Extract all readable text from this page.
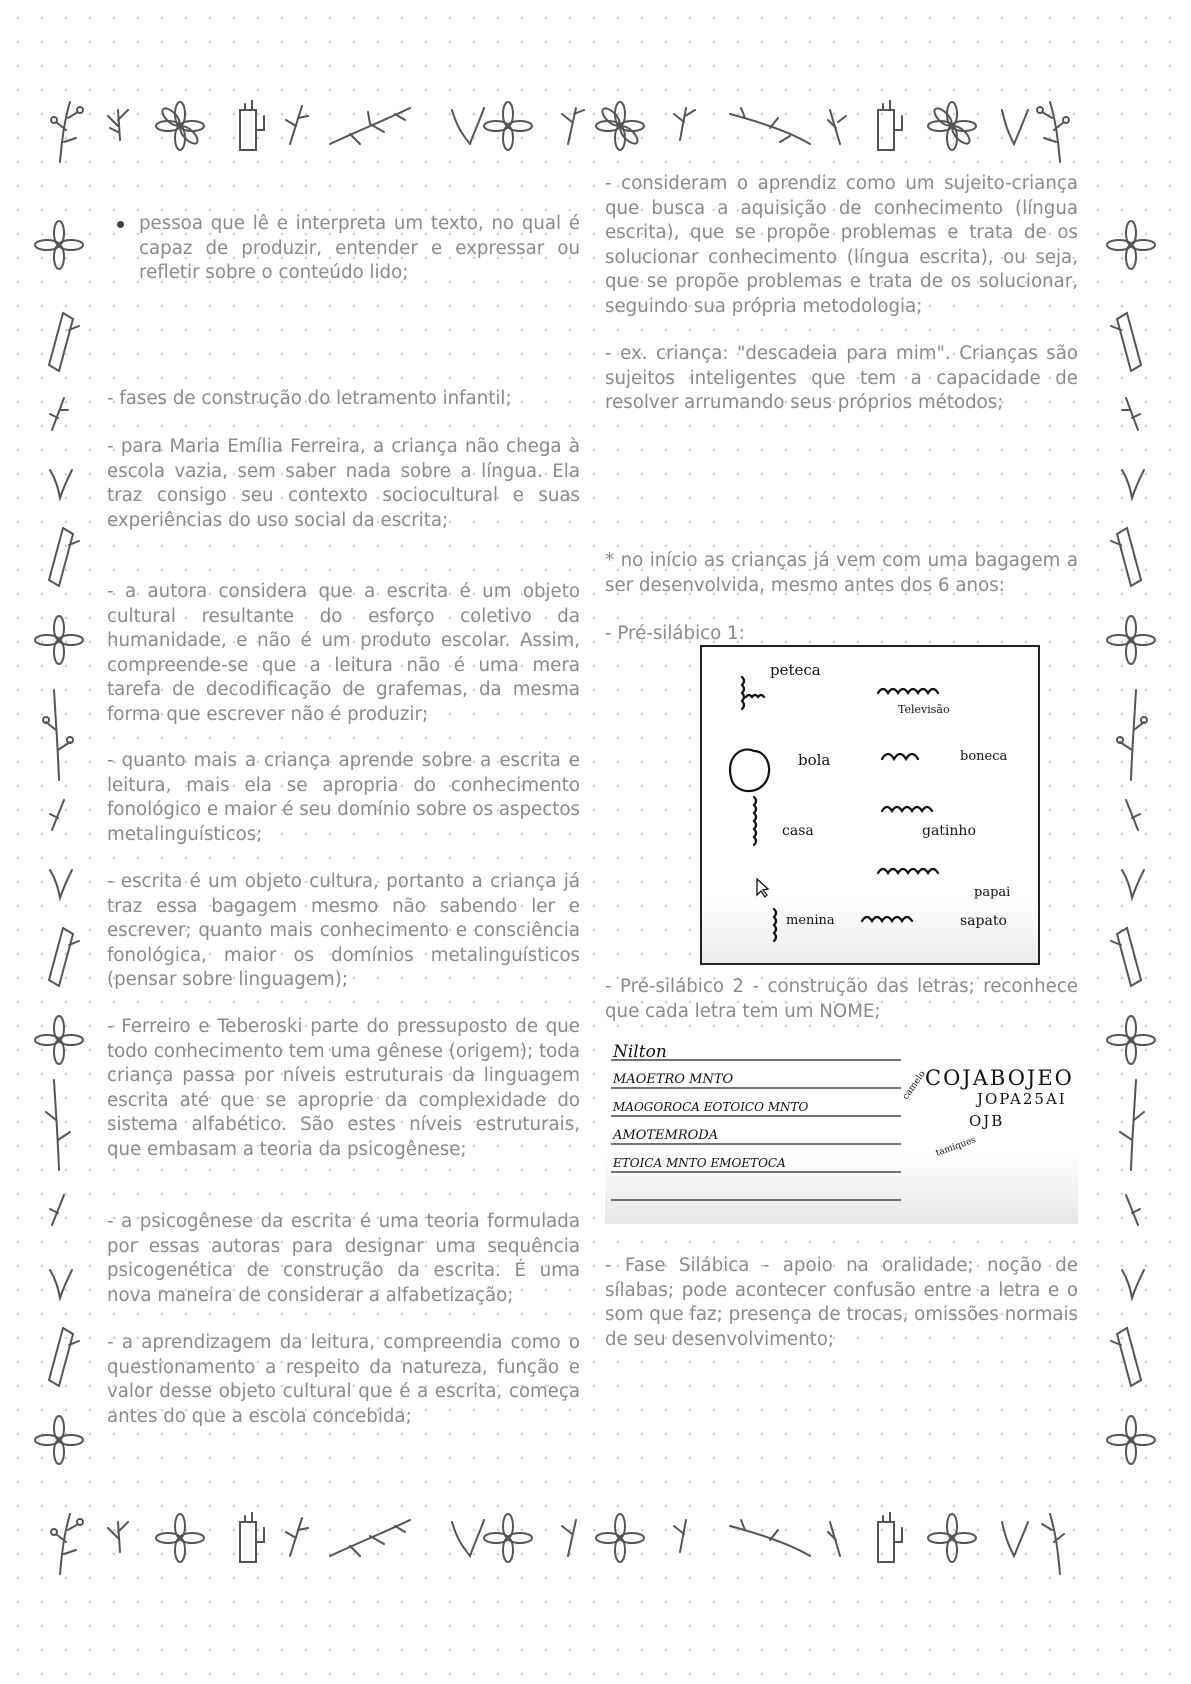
pessoa que lê e interpreta um texto, no qual é capaz de produzir, entender e expressar ou refletir sobre o conteúdo lido;

- fases de construção do letramento infantil;

- para Maria Emília Ferreira, a criança não chega à escola vazia, sem saber nada sobre a língua. Ela traz consigo seu contexto sociocultural e suas experiências do uso social da escrita;

- a autora considera que a escrita é um objeto cultural resultante do esforço coletivo da humanidade, e não é um produto escolar. Assim, compreende-se que a leitura não é uma mera tarefa de decodificação de grafemas, da mesma forma que escrever não é produzir;

- quanto mais a criança aprende sobre a escrita e leitura, mais ela se apropria do conhecimento fonológico e maior é seu domínio sobre os aspectos metalinguísticos;

- escrita é um objeto cultura, portanto a criança já traz essa bagagem mesmo não sabendo ler e escrever; quanto mais conhecimento e consciência fonológica, maior os domínios metalinguísticos (pensar sobre linguagem);

- Ferreiro e Teberoski parte do pressuposto de que todo conhecimento tem uma gênese (origem); toda criança passa por níveis estruturais da linguagem escrita até que se aproprie da complexidade do sistema alfabético. São estes níveis estruturais, que embasam a teoria da psicogênese;

- a psicogênese da escrita é uma teoria formulada por essas autoras para designar uma sequência psicogenética de construção da escrita. É uma nova maneira de considerar a alfabetização;

- a aprendizagem da leitura, compreendia como o questionamento a respeito da natureza, função e valor desse objeto cultural que é a escrita, começa antes do que a escola concebida;

- consideram o aprendiz como um sujeito-criança que busca a aquisição de conhecimento (língua escrita), que se propõe problemas e trata de os solucionar conhecimento (língua escrita), ou seja, que se propõe problemas e trata de os solucionar, seguindo sua própria metodologia;

- ex. criança: "descadeia para mim". Crianças são sujeitos inteligentes que tem a capacidade de resolver arrumando seus próprios métodos;

* no início as crianças já vem com uma bagagem a ser desenvolvida, mesmo antes dos 6 anos:

- Pré-silábico 1:

- Pré-silábico 2 - construção das letras; reconhece que cada letra tem um NOME;

- Fase Silábica - apoio na oralidade; noção de sílabas; pode acontecer confusão entre a letra e o som que faz; presença de trocas, omissões normais de seu desenvolvimento;

peteca
Televisão
bola	boneca
casa	gatinho
papai
menina	sapato
Nilton
MAOETRO MNTO
MAOGOROCA EOTOICO MNTO
AMOTEMRODA
ETOICA MNTO EMOETOCA
COJABOJEO
JOPA25AI
OJB
camelo
tamiques
